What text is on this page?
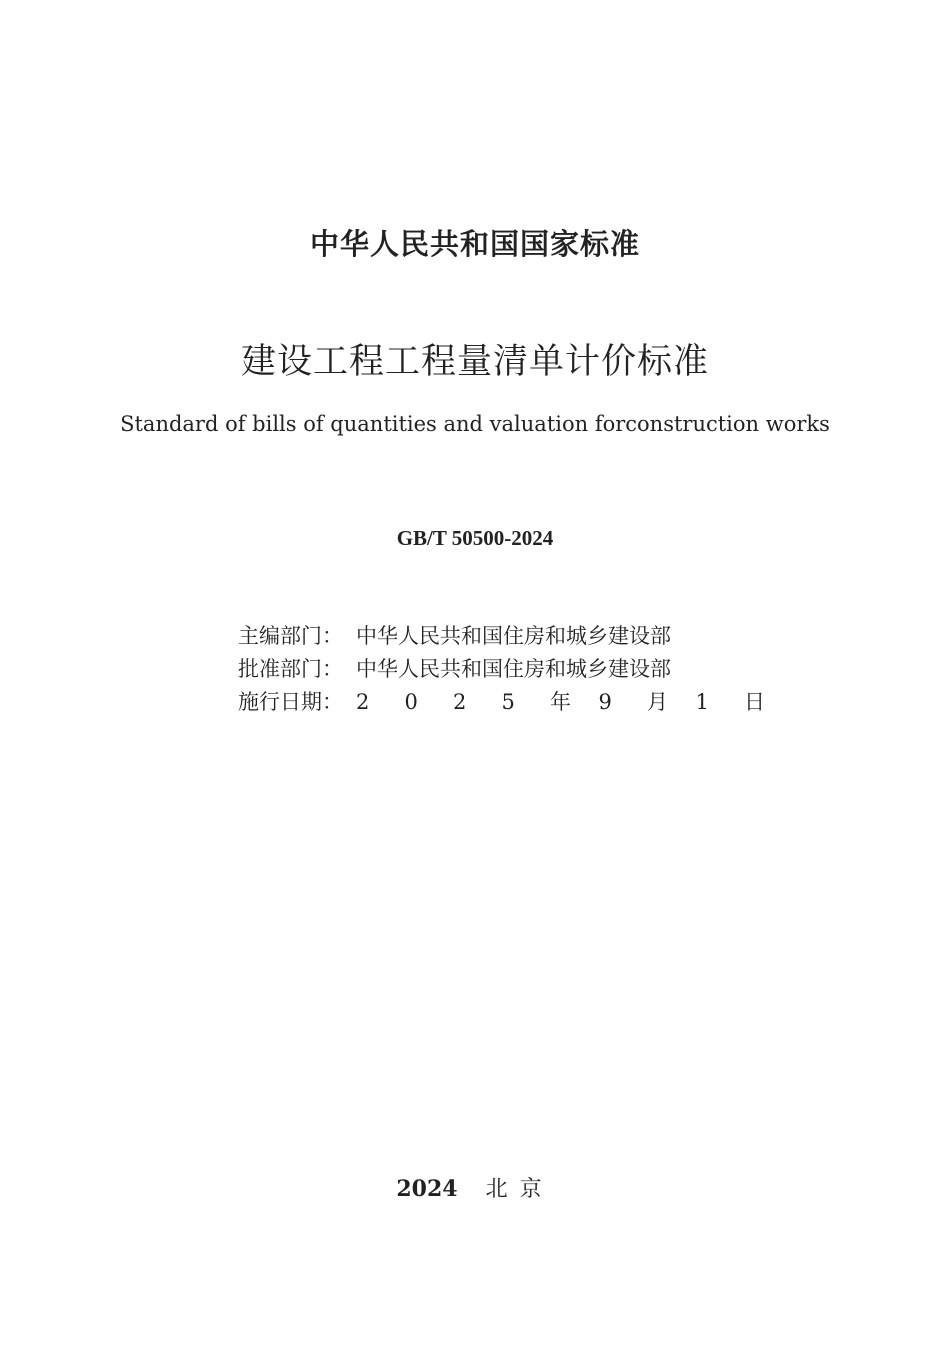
中华人民共和国国家标准
建设工程工程量清单计价标准
Standard of bills of quantities and valuation forconstruction works
GB/T 50500-2024
主编部门： 中华人民共和国住房和城乡建设部
批准部门： 中华人民共和国住房和城乡建设部
施行日期： 2	0	2	5	年	9	月	1	日
2024 北京
